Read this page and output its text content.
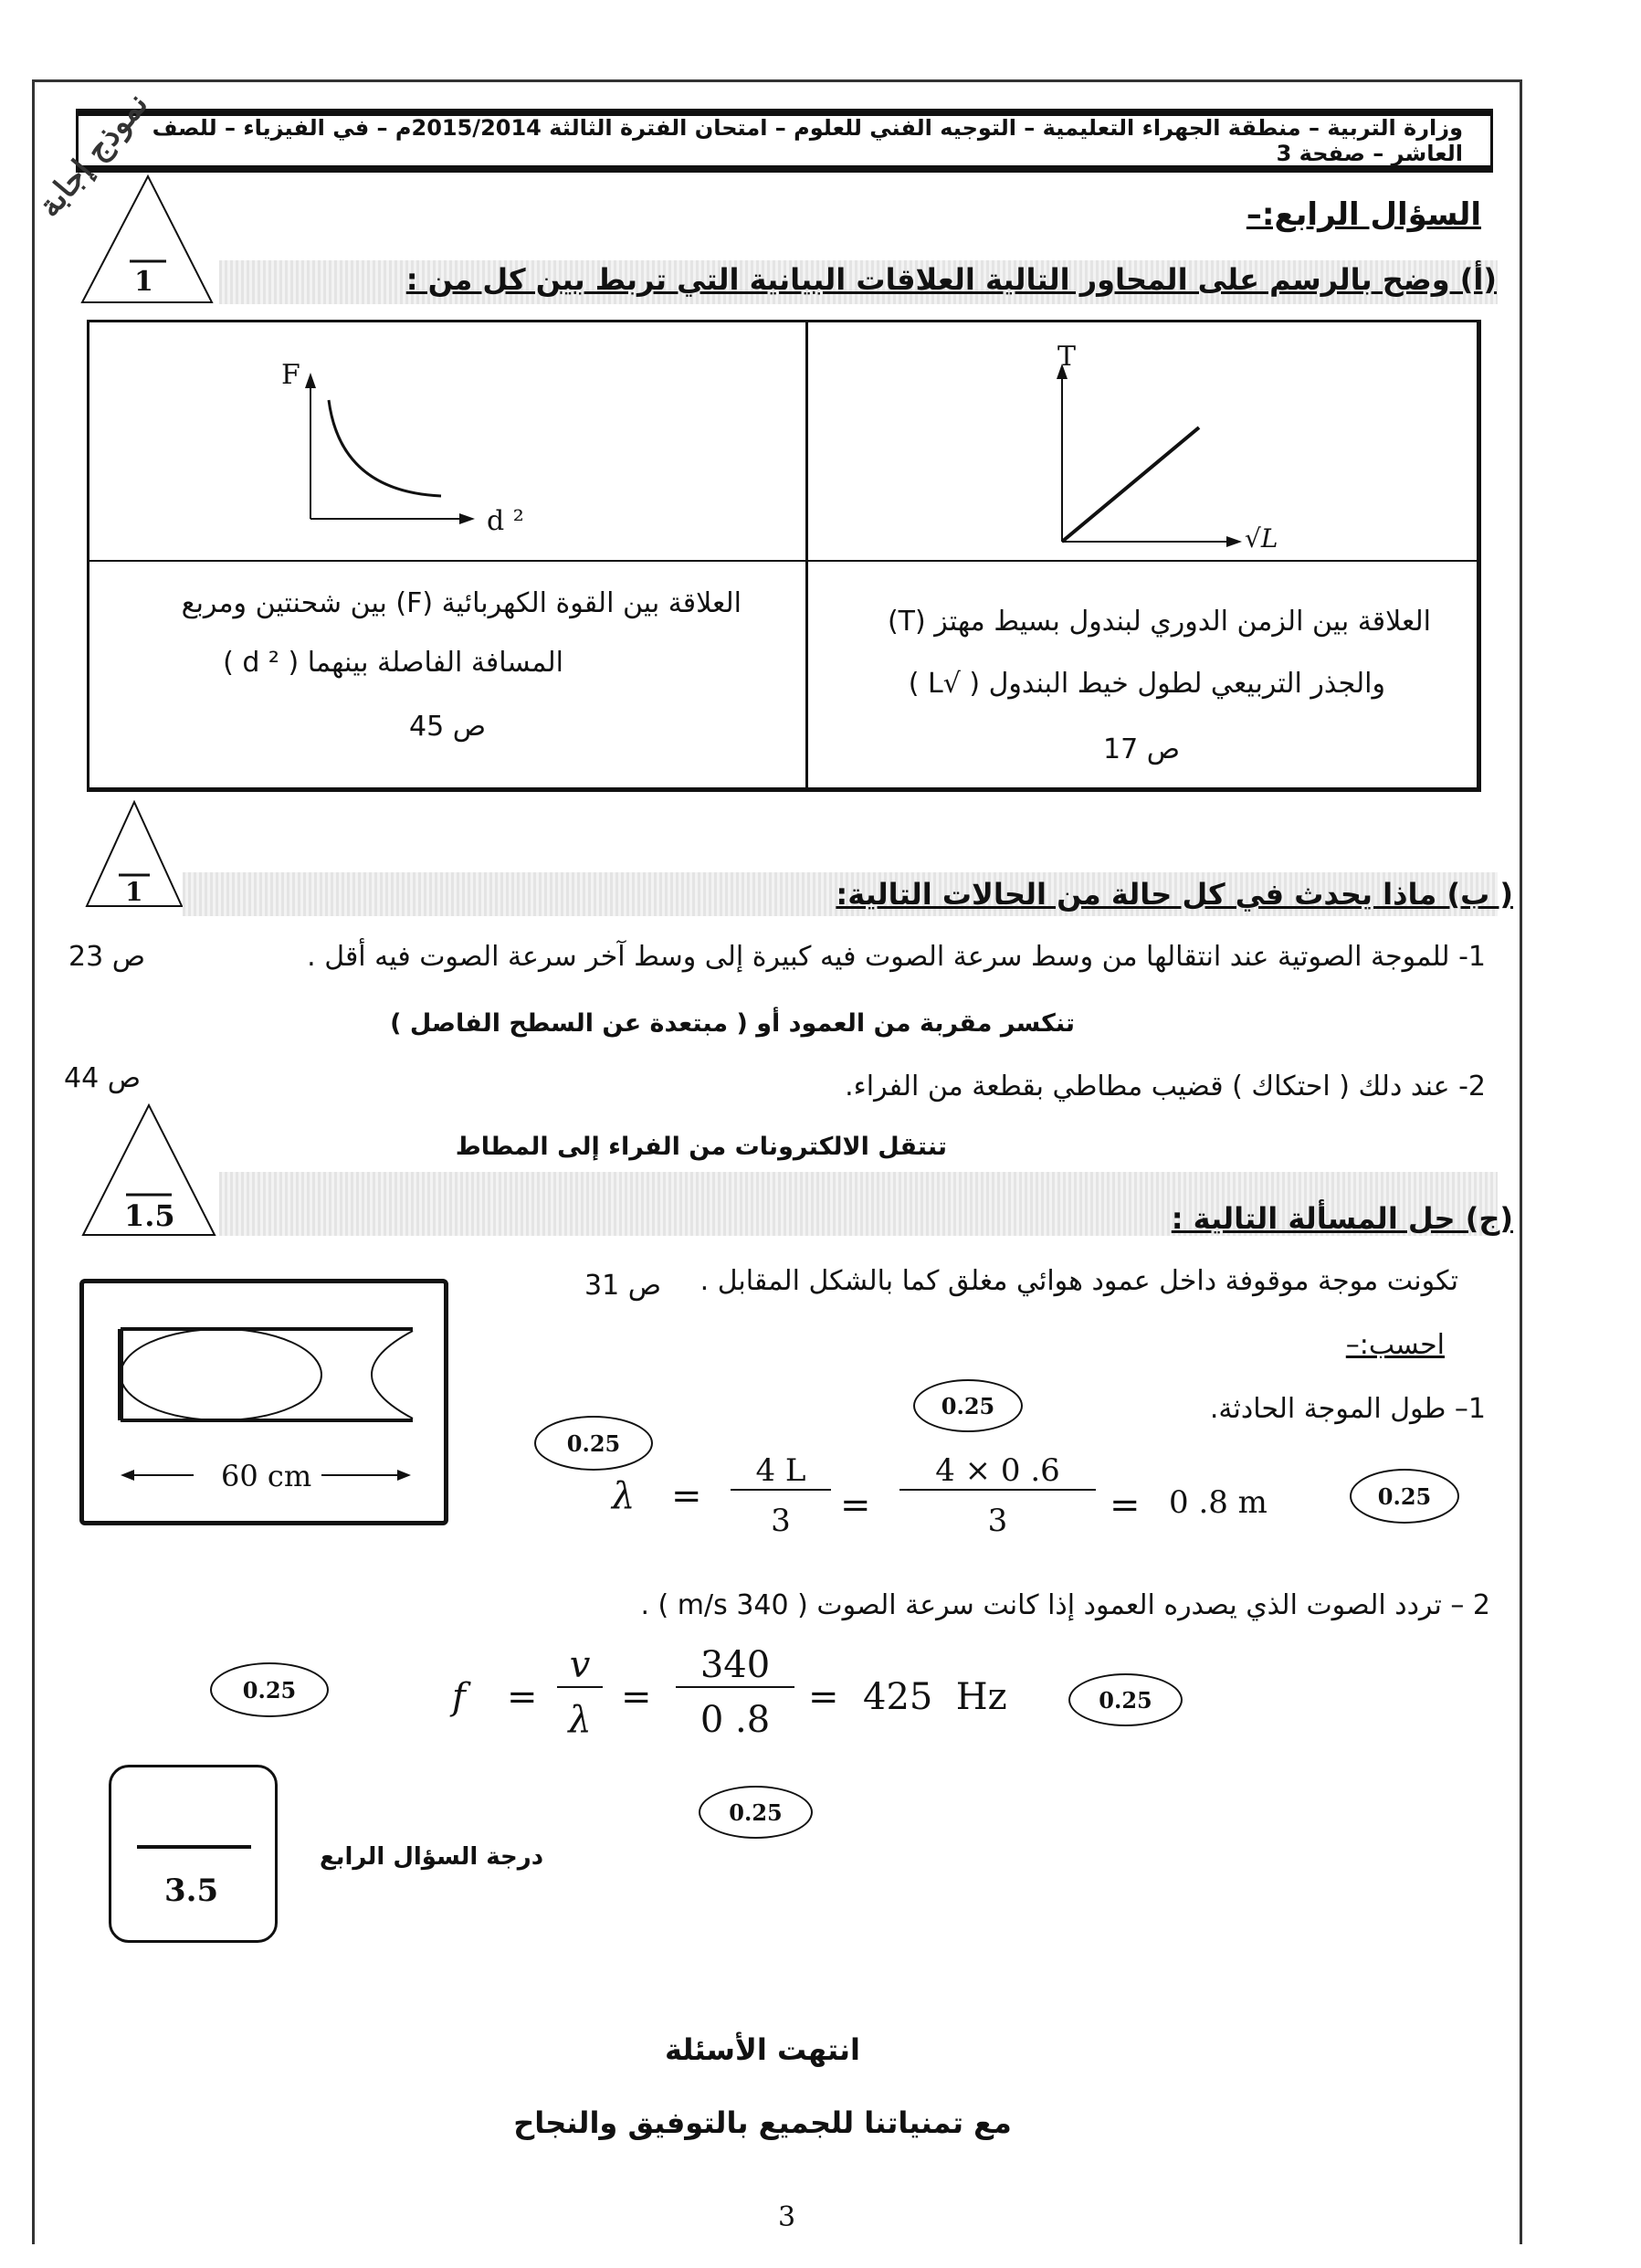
وزارة التربية – منطقة الجهراء التعليمية – التوجيه الفني للعلوم – امتحان الفترة الثالثة 2015/2014م – في الفيزياء – للصف العاشر – صفحة 3
نموذج إجابة	السؤال الرابع:–
1	(أ) وضح بالرسم على المحاور التالية العلاقات البيانية التي تربط بين كل من :
T
√L
العلاقة بين الزمن الدوري لبندول بسيط مهتز (T)
والجذر التربيعي لطول خيط البندول ( √L )
ص 17
F
d ²
العلاقة بين القوة الكهربائية (F) بين شحنتين ومربع
المسافة الفاصلة بينهما ( d ² )
ص 45
1	( ب) ماذا يحدث في كل حالة من الحالات التالية:
1- للموجة الصوتية عند انتقالها من وسط سرعة الصوت فيه كبيرة إلى وسط آخر سرعة الصوت فيه أقل .
ص 23
تنكسر مقربة من العمود أو ( مبتعدة عن السطح الفاصل )
2- عند دلك ( احتكاك ) قضيب مطاطي بقطعة من الفراء.
ص 44
تنتقل الالكترونات من الفراء إلى المطاط
1.5	(ج) حل المسألة التالية :
60 cm
تكونت موجة موقوفة داخل عمود هوائي مغلق كما بالشكل المقابل .
ص 31
احسب:–
1– طول الموجة الحادثة.
0.25
0.25
0.25
λ =
4 L
3	=
4 × 0 .6
3	= 0 .8 m
2 – تردد الصوت الذي يصدره العمود إذا كانت سرعة الصوت ( 340 m/s ) .
0.25	0.25
0.25
f =
v
λ
=
340
0 .8
= 425  Hz
3.5
درجة السؤال الرابع
انتهت الأسئلة
مع تمنياتنا للجميع بالتوفيق والنجاح
3
